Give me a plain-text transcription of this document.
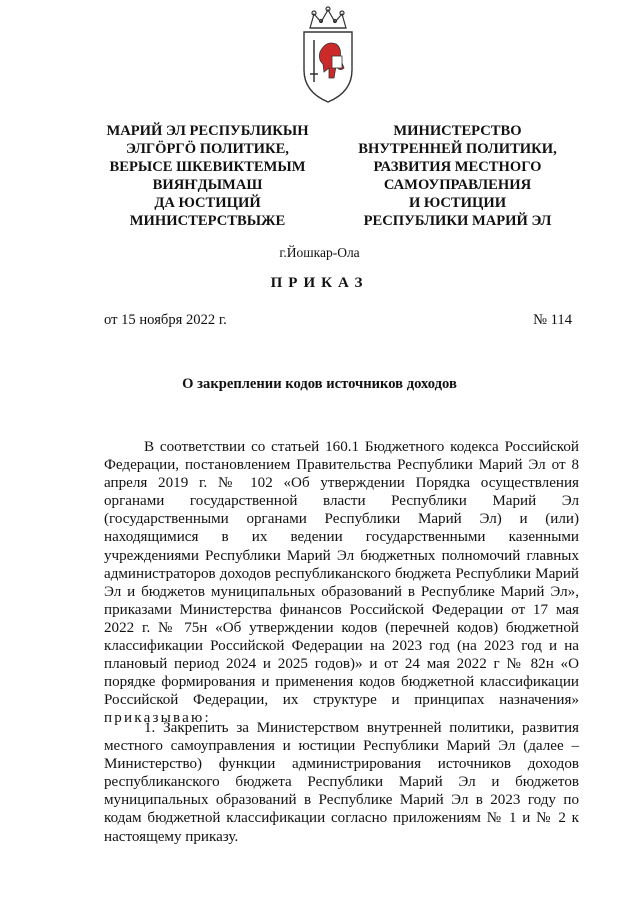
МАРИЙ ЭЛ РЕСПУБЛИКЫН
ЭЛГӦРГӦ ПОЛИТИКЕ,
ВЕРЫСЕ ШКЕВИКТЕМЫМ
ВИЯҤДЫМАШ
ДА ЮСТИЦИЙ
МИНИСТЕРСТВЫЖЕ
МИНИСТЕРСТВО
ВНУТРЕННЕЙ ПОЛИТИКИ,
РАЗВИТИЯ МЕСТНОГО
САМОУПРАВЛЕНИЯ
И ЮСТИЦИИ
РЕСПУБЛИКИ МАРИЙ ЭЛ
г.Йошкар-Ола
ПРИКАЗ
от 15 ноября 2022 г.	№ 114
О закреплении кодов источников доходов

В соответствии со статьей 160.1 Бюджетного кодекса Российской Федерации, постановлением Правительства Республики Марий Эл от 8 апреля 2019 г. № 102 «Об утверждении Порядка осуществления органами государственной власти Республики Марий Эл (государственными органами Республики Марий Эл) и (или) находящимися в их ведении государственными казенными учреждениями Республики Марий Эл бюджетных полномочий главных администраторов доходов республиканского бюджета Республики Марий Эл и бюджетов муниципальных образований в Республике Марий Эл», приказами Министерства финансов Российской Федерации от 17 мая 2022 г. № 75н «Об утверждении кодов (перечней кодов) бюджетной классификации Российской Федерации на 2023 год (на 2023 год и на плановый период 2024 и 2025 годов)» и от 24 мая 2022 г № 82н «О порядке формирования и применения кодов бюджетной классификации Российской Федерации, их структуре и принципах назначения» приказываю:

1. Закрепить за Министерством внутренней политики, развития местного самоуправления и юстиции Республики Марий Эл (далее – Министерство) функции администрирования источников доходов республиканского бюджета Республики Марий Эл и бюджетов муниципальных образований в Республике Марий Эл в 2023 году по кодам бюджетной классификации согласно приложениям № 1 и № 2 к настоящему приказу.
